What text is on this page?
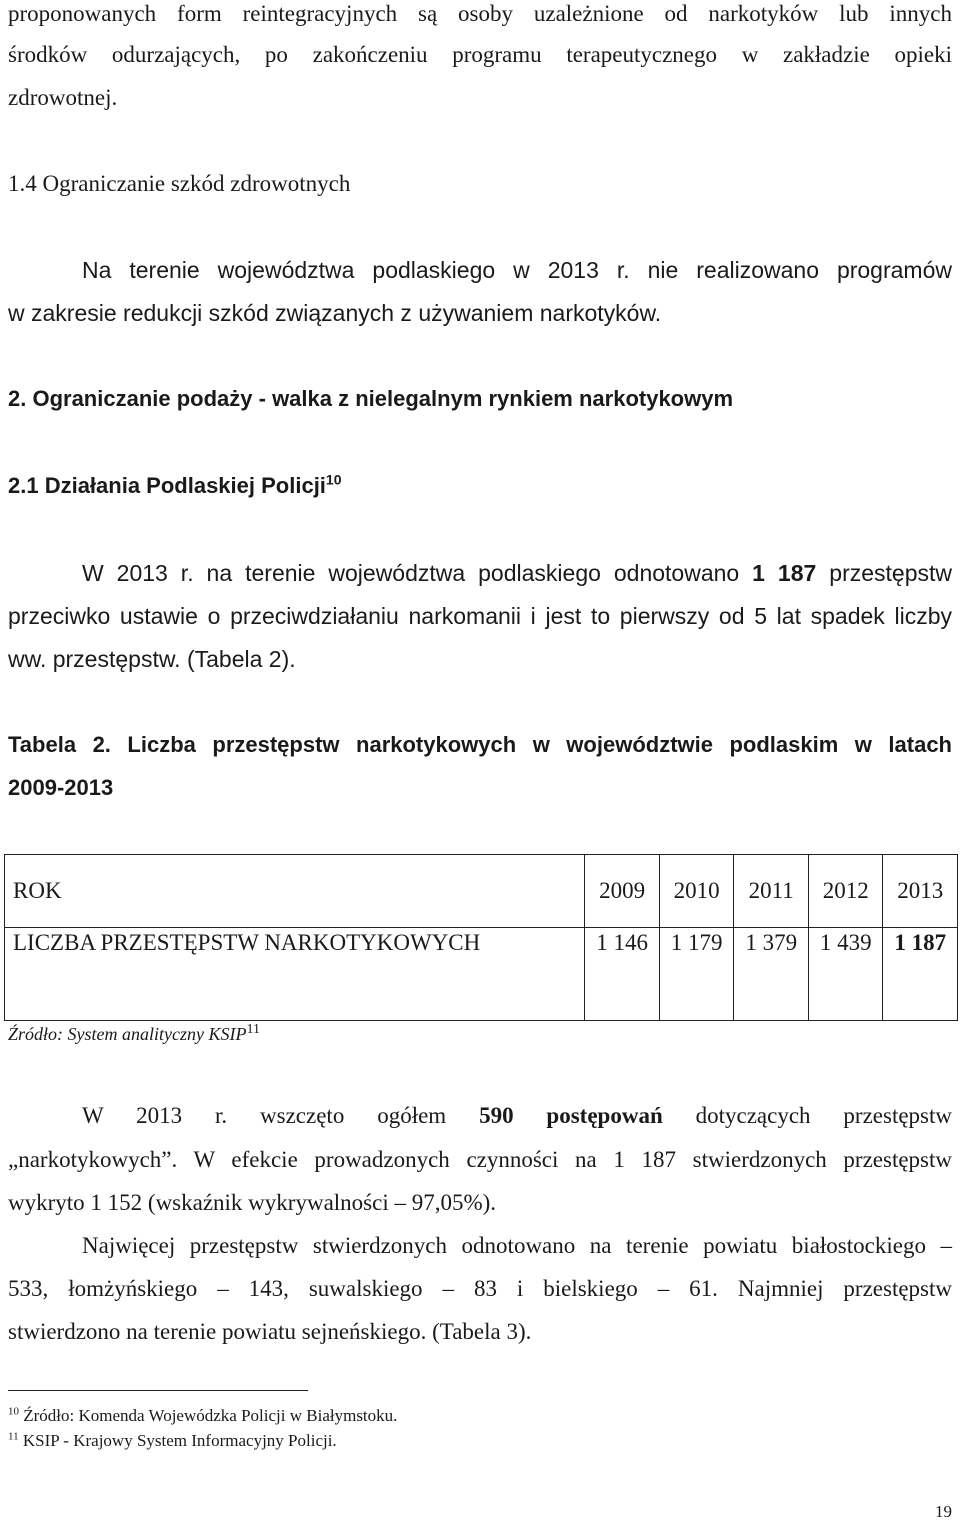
proponowanych form reintegracyjnych są osoby uzależnione od narkotyków lub innych
środków odurzających, po zakończeniu programu terapeutycznego w zakładzie opieki
zdrowotnej.
1.4 Ograniczanie szkód zdrowotnych
Na terenie województwa podlaskiego w 2013 r. nie realizowano programów
w zakresie redukcji szkód związanych z używaniem narkotyków.
2. Ograniczanie podaży - walka z nielegalnym rynkiem narkotykowym
2.1 Działania Podlaskiej Policji$^{10}$
W 2013 r. na terenie województwa podlaskiego odnotowano 1 187 przestępstw
przeciwko ustawie o przeciwdziałaniu narkomanii i jest to pierwszy od 5 lat spadek liczby
ww. przestępstw. (Tabela 2).
Tabela 2. Liczba przestępstw narkotykowych w województwie podlaskim w latach
2009-2013
ROK	2009	2010	2011	2012	2013
LICZBA PRZESTĘPSTW NARKOTYKOWYCH	1 146	1 179	1 379	1 439	1 187
Źródło: System analityczny KSIP$^{11}$
W 2013 r. wszczęto ogółem 590 postępowań dotyczących przestępstw
„narkotykowych”. W efekcie prowadzonych czynności na 1 187 stwierdzonych przestępstw
wykryto 1 152 (wskaźnik wykrywalności – 97,05%).
Najwięcej przestępstw stwierdzonych odnotowano na terenie powiatu białostockiego –
533, łomżyńskiego – 143, suwalskiego – 83 i bielskiego – 61. Najmniej przestępstw
stwierdzono na terenie powiatu sejneńskiego. (Tabela 3).
$^{10}$ Źródło: Komenda Wojewódzka Policji w Białymstoku.
$^{11}$ KSIP - Krajowy System Informacyjny Policji.
19
